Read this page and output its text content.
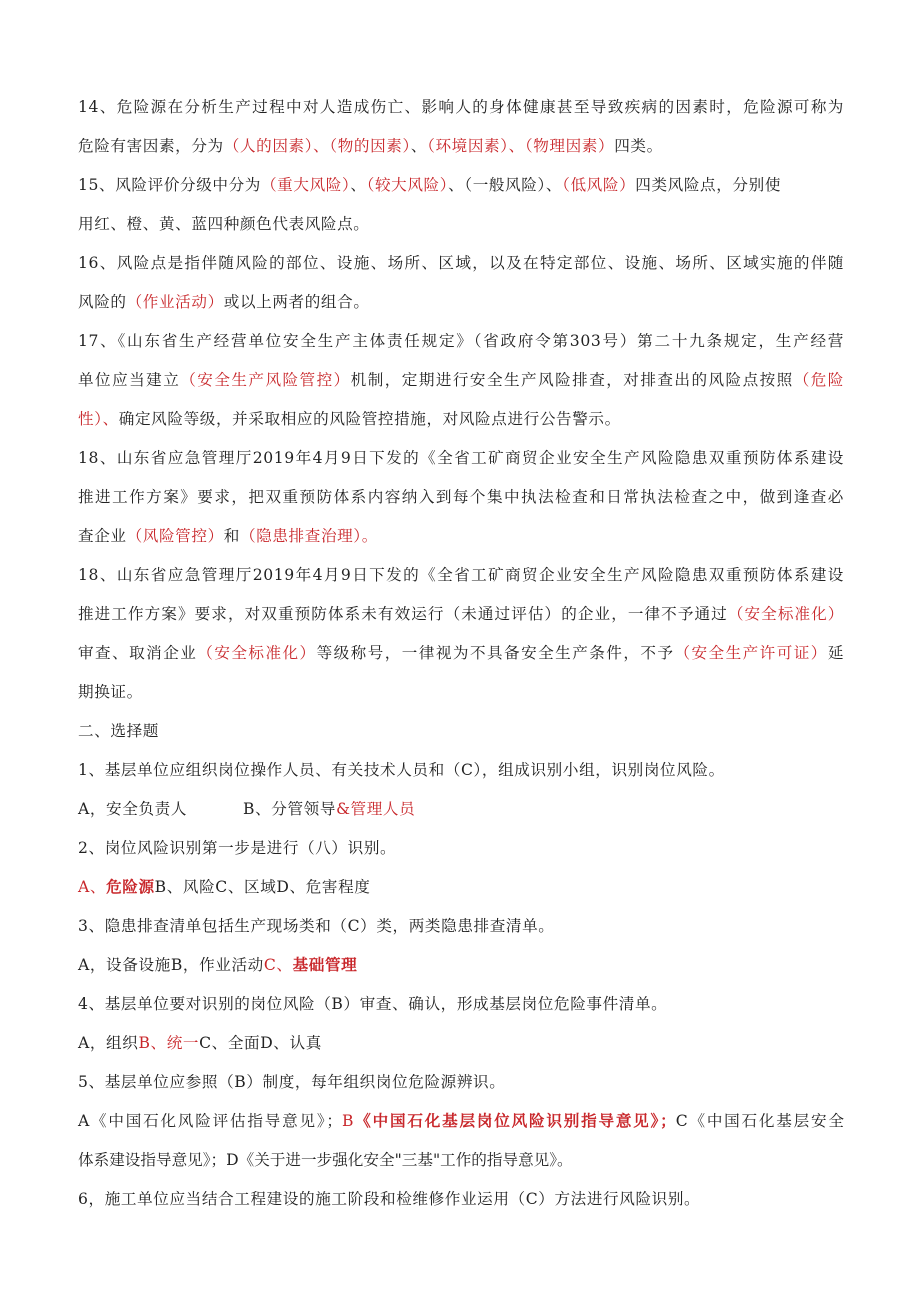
14、危险源在分析生产过程中对人造成伤亡、影响人的身体健康甚至导致疾病的因素时，危险源可称为
危险有害因素，分为（人的因素）、（物的因素）、（环境因素）、（物理因素）四类。
15、风险评价分级中分为（重大风险）、（较大风险）、（一般风险）、（低风险）四类风险点，分别使
用红、橙、黄、蓝四种颜色代表风险点。
16、风险点是指伴随风险的部位、设施、场所、区域，以及在特定部位、设施、场所、区域实施的伴随
风险的（作业活动）或以上两者的组合。
17、《山东省生产经营单位安全生产主体责任规定》（省政府令第303号）第二十九条规定，生产经营
单位应当建立（安全生产风险管控）机制，定期进行安全生产风险排查，对排查出的风险点按照（危险
性）、确定风险等级，并采取相应的风险管控措施，对风险点进行公告警示。
18、山东省应急管理厅2019年4月9日下发的《全省工矿商贸企业安全生产风险隐患双重预防体系建设
推进工作方案》要求，把双重预防体系内容纳入到每个集中执法检查和日常执法检查之中，做到逢查必
查企业（风险管控）和（隐患排查治理）。
18、山东省应急管理厅2019年4月9日下发的《全省工矿商贸企业安全生产风险隐患双重预防体系建设
推进工作方案》要求，对双重预防体系未有效运行（未通过评估）的企业，一律不予通过（安全标准化）
审查、取消企业（安全标准化）等级称号，一律视为不具备安全生产条件，不予（安全生产许可证）延
期换证。
二、选择题
1、基层单位应组织岗位操作人员、有关技术人员和（C），组成识别小组，识别岗位风险。
A，安全负责人	B、分管领导&管理人员
2、岗位风险识别第一步是进行（八）识别。
A、危险源B、风险C、区域D、危害程度
3、隐患排查清单包括生产现场类和（C）类，两类隐患排查清单。
A，设备设施B，作业活动C、基础管理
4、基层单位要对识别的岗位风险（B）审查、确认，形成基层岗位危险事件清单。
A，组织B、统一C、全面D、认真
5、基层单位应参照（B）制度，每年组织岗位危险源辨识。
A《中国石化风险评估指导意见》；B《中国石化基层岗位风险识别指导意见》；C《中国石化基层安全
体系建设指导意见》；D《关于进一步强化安全"三基"工作的指导意见》。
6，施工单位应当结合工程建设的施工阶段和检维修作业运用（C）方法进行风险识别。
